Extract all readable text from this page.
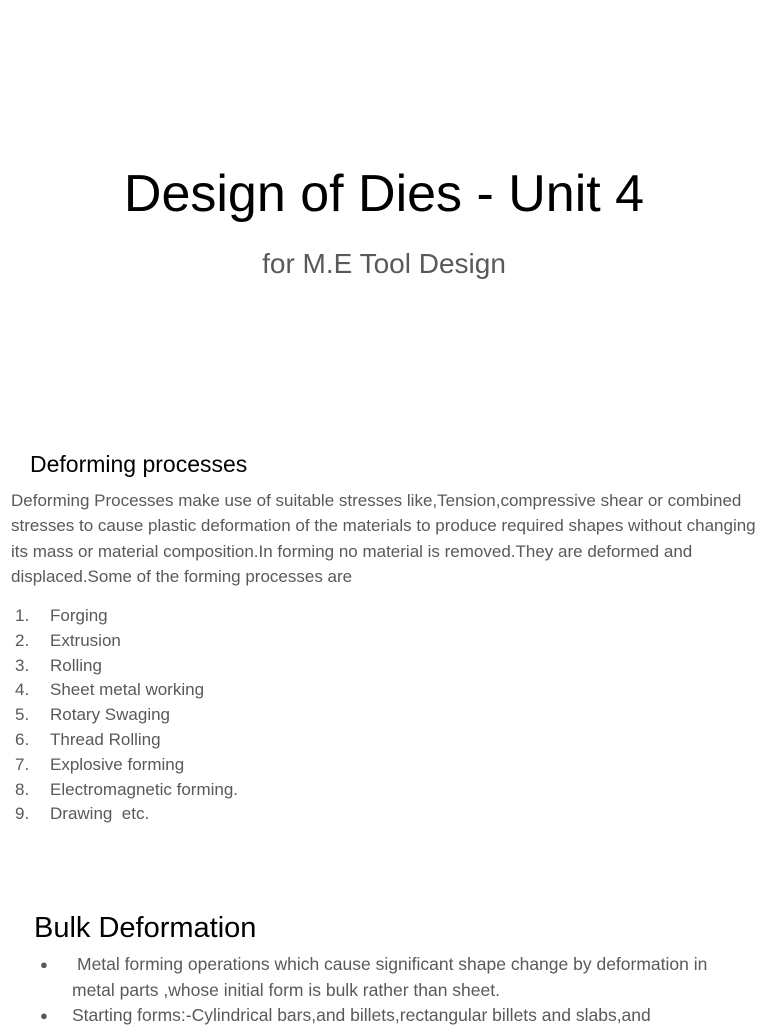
Design of Dies - Unit 4
for M.E Tool Design
Deforming processes

Deforming Processes make use of suitable stresses like,Tension,compressive shear or combined stresses to cause plastic deformation of the materials to produce required shapes without changing its mass or material composition.In forming no material is removed.They are deformed and displaced.Some of the forming processes are

1. Forging
2. Extrusion
3. Rolling
4. Sheet metal working
5. Rotary Swaging
6. Thread Rolling
7. Explosive forming
8. Electromagnetic forming.
9. Drawing  etc.
Bulk Deformation
● Metal forming operations which cause significant shape change by deformation in metal parts ,whose initial form is bulk rather than sheet.
● Starting forms:-Cylindrical bars,and billets,rectangular billets and slabs,and
